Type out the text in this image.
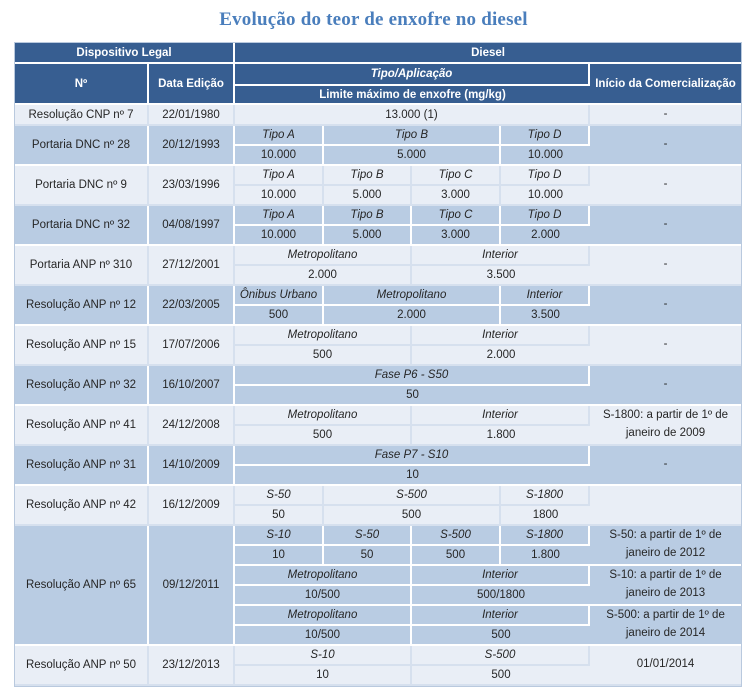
Evolução do teor de enxofre no diesel
Dispositivo Legal		Diesel				
Nº	Data Edição	Tipo/Aplicação				Início da Comercialização
		Limite máximo de enxofre (mg/kg)				
Resolução CNP nº 7	22/01/1980	13.000 (1)				-
Portaria DNC nº 28	20/12/1993	Tipo A	Tipo B		Tipo D	-
		10.000	5.000		10.000	
Portaria DNC nº 9	23/03/1996	Tipo A	Tipo B	Tipo C	Tipo D	-
		10.000	5.000	3.000	10.000	
Portaria DNC nº 32	04/08/1997	Tipo A	Tipo B	Tipo C	Tipo D	-
		10.000	5.000	3.000	2.000	
Portaria ANP nº 310	27/12/2001	Metropolitano		Interior		-
		2.000		3.500		
Resolução ANP nº 12	22/03/2005	Ônibus Urbano	Metropolitano		Interior	-
		500	2.000		3.500	
Resolução ANP nº 15	17/07/2006	Metropolitano		Interior		-
		500		2.000		
Resolução ANP nº 32	16/10/2007	Fase P6 - S50				-
		50				
Resolução ANP nº 41	24/12/2008	Metropolitano		Interior		S-1800: a partir de 1º de janeiro de 2009
		500		1.800		
Resolução ANP nº 31	14/10/2009	Fase P7 - S10				-
		10				
Resolução ANP nº 42	16/12/2009	S-50	S-500		S-1800	
		50	500		1800	
Resolução ANP nº 65	09/12/2011	S-10	S-50	S-500	S-1800	S-50: a partir de 1º de janeiro de 2012
		10	50	500	1.800	
		Metropolitano		Interior		S-10: a partir de 1º de janeiro de 2013
		10/500		500/1800		
		Metropolitano		Interior		S-500: a partir de 1º de janeiro de 2014
		10/500		500		
Resolução ANP nº 50	23/12/2013	S-10		S-500		01/01/2014
		10		500		
